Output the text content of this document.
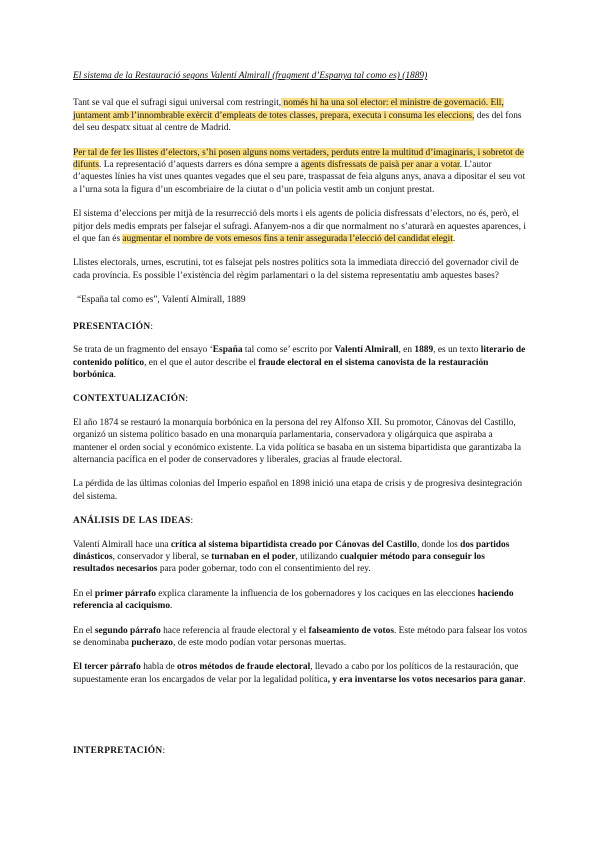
El sistema de la Restauració segons Valentí Almirall (fragment d’Espanya tal como es) (1889)

Tant se val que el sufragi sigui universal com restringit, només hi ha una sol elector: el ministre de governació. Ell, juntament amb l’innombrable exèrcit d’empleats de totes classes, prepara, executa i consuma les eleccions, des del fons del seu despatx situat al centre de Madrid.

Per tal de fer les llistes d’electors, s’hi posen alguns noms vertaders, perduts entre la multitud d’imaginaris, i sobretot de difunts. La representació d’aquests darrers es dóna sempre a agents disfressats de paisà per anar a votar. L’autor d’aquestes línies ha vist unes quantes vegades que el seu pare, traspassat de feia alguns anys, anava a dipositar el seu vot a l’urna sota la figura d’un escombriaire de la ciutat o d’un policia vestit amb un conjunt prestat.

El sistema d’eleccions per mitjà de la resurrecció dels morts i els agents de policia disfressats d’electors, no és, però, el pitjor dels medis emprats per falsejar el sufragi. Afanyem-nos a dir que normalment no s’aturarà en aquestes aparences, i el que fan és augmentar el nombre de vots emesos fins a tenir assegurada l’elecció del candidat elegit.

Llistes electorals, urnes, escrutini, tot es falsejat pels nostres polítics sota la immediata direcció del governador civil de cada província. Es possible l’existència del règim parlamentari o la del sistema representatiu amb aquestes bases?

“España tal como es”, Valentí Almirall, 1889

PRESENTACIÓN:

Se trata de un fragmento del ensayo ‘España tal como se’ escrito por Valentí Almirall, en 1889, es un texto literario de contenido político, en el que el autor describe el fraude electoral en el sistema canovista de la restauración borbónica.

CONTEXTUALIZACIÓN:

El año 1874 se restauró la monarquía borbónica en la persona del rey Alfonso XII. Su promotor, Cánovas del Castillo, organizó un sistema político basado en una monarquía parlamentaria, conservadora y oligárquica que aspiraba a mantener el orden social y económico existente. La vida política se basaba en un sistema bipartidista que garantizaba la alternancia pacífica en el poder de conservadores y liberales, gracias al fraude electoral.

La pérdida de las últimas colonias del Imperio español en 1898 inició una etapa de crisis y de progresiva desintegración del sistema.

ANÁLISIS DE LAS IDEAS:

Valentí Almirall hace una crítica al sistema bipartidista creado por Cánovas del Castillo, donde los dos partidos dinásticos, conservador y liberal, se turnaban en el poder, utilizando cualquier método para conseguir los resultados necesarios para poder gobernar, todo con el consentimiento del rey.

En el primer párrafo explica claramente la influencia de los gobernadores y los caciques en las elecciones haciendo referencia al caciquismo.

En el segundo párrafo hace referencia al fraude electoral y el falseamiento de votos. Este método para falsear los votos se denominaba pucherazo, de este modo podían votar personas muertas.

El tercer párrafo habla de otros métodos de fraude electoral, llevado a cabo por los políticos de la restauración, que supuestamente eran los encargados de velar por la legalidad política, y era inventarse los votos necesarios para ganar.

INTERPRETACIÓN:
